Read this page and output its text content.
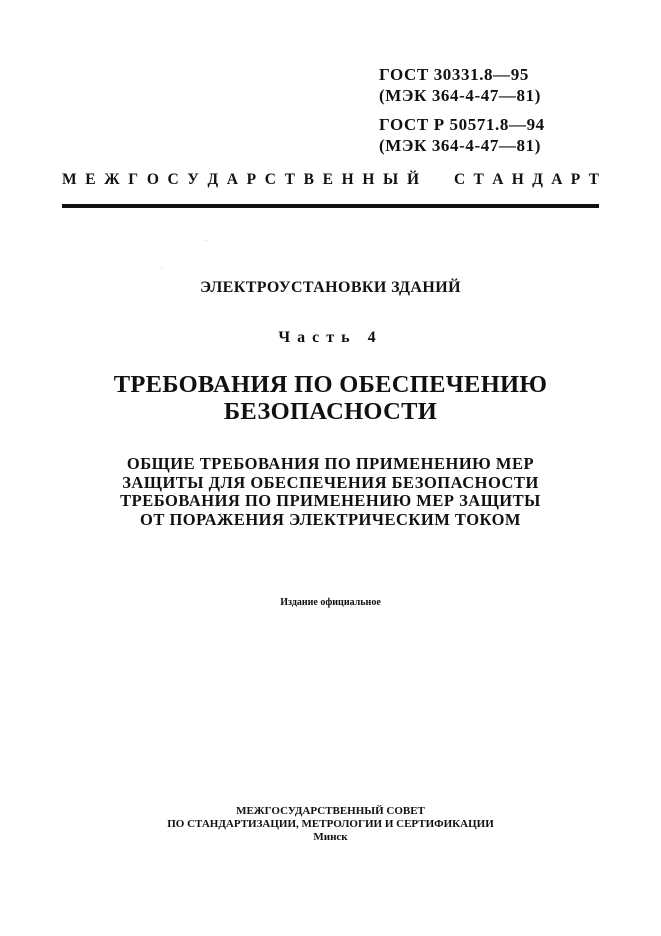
ГОСТ 30331.8—95
(МЭК 364-4-47—81)
ГОСТ Р 50571.8—94
(МЭК 364-4-47—81)
М Е Ж Г О С У Д А Р С Т В Е Н Н Ы Й С Т А Н Д А Р Т
ЭЛЕКТРОУСТАНОВКИ ЗДАНИЙ
Часть 4
ТРЕБОВАНИЯ ПО ОБЕСПЕЧЕНИЮ
БЕЗОПАСНОСТИ
ОБЩИЕ ТРЕБОВАНИЯ ПО ПРИМЕНЕНИЮ МЕР
ЗАЩИТЫ ДЛЯ ОБЕСПЕЧЕНИЯ БЕЗОПАСНОСТИ
ТРЕБОВАНИЯ ПО ПРИМЕНЕНИЮ МЕР ЗАЩИТЫ
ОТ ПОРАЖЕНИЯ ЭЛЕКТРИЧЕСКИМ ТОКОМ
Издание официальное
МЕЖГОСУДАРСТВЕННЫЙ СОВЕТ
ПО СТАНДАРТИЗАЦИИ, МЕТРОЛОГИИ И СЕРТИФИКАЦИИ
Минск
